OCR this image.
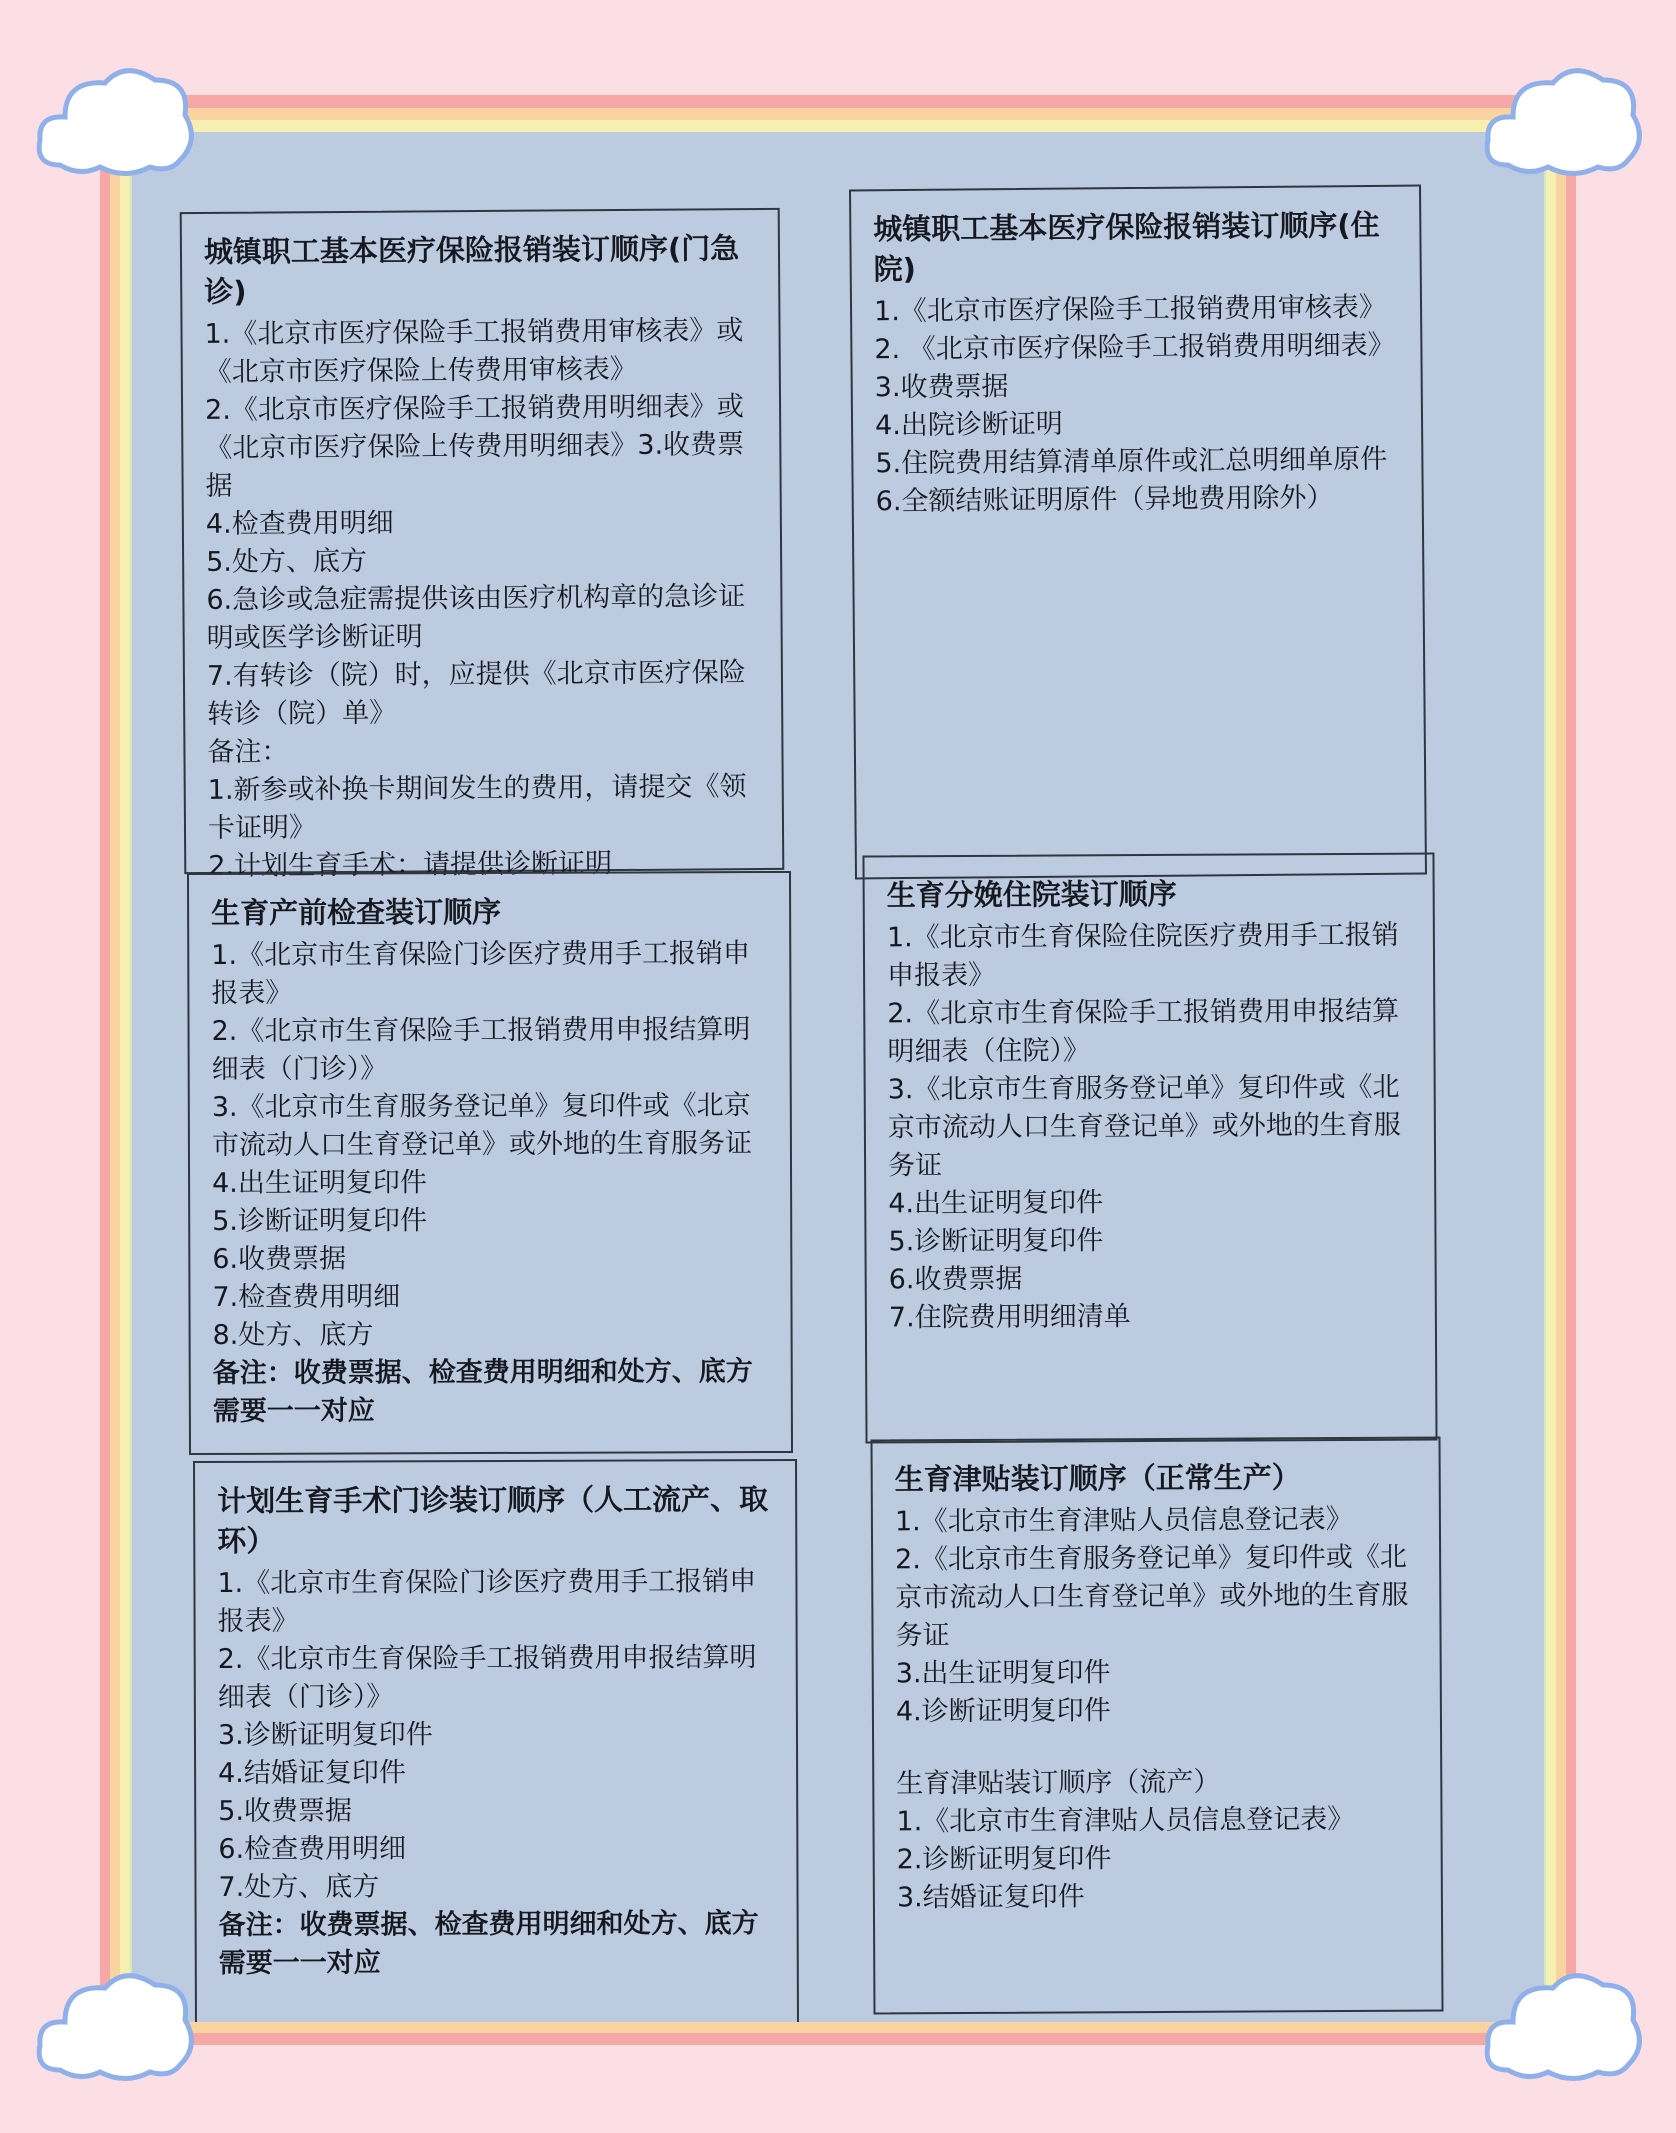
城镇职工基本医疗保险报销装订顺序(门急诊)
1.《北京市医疗保险手工报销费用审核表》或《北京市医疗保险上传费用审核表》
2.《北京市医疗保险手工报销费用明细表》或《北京市医疗保险上传费用明细表》3.收费票据
4.检查费用明细
5.处方、底方
6.急诊或急症需提供该由医疗机构章的急诊证明或医学诊断证明
7.有转诊（院）时，应提供《北京市医疗保险转诊（院）单》
备注：
1.新参或补换卡期间发生的费用，请提交《领卡证明》
2.计划生育手术：请提供诊断证明
城镇职工基本医疗保险报销装订顺序(住院)
1.《北京市医疗保险手工报销费用审核表》
2. 《北京市医疗保险手工报销费用明细表》
3.收费票据
4.出院诊断证明
5.住院费用结算清单原件或汇总明细单原件
6.全额结账证明原件（异地费用除外）
生育产前检查装订顺序
1.《北京市生育保险门诊医疗费用手工报销申报表》
2.《北京市生育保险手工报销费用申报结算明细表（门诊）》
3.《北京市生育服务登记单》复印件或《北京市流动人口生育登记单》或外地的生育服务证
4.出生证明复印件
5.诊断证明复印件
6.收费票据
7.检查费用明细
8.处方、底方
备注：收费票据、检查费用明细和处方、底方需要一一对应
生育分娩住院装订顺序
1.《北京市生育保险住院医疗费用手工报销申报表》
2.《北京市生育保险手工报销费用申报结算明细表（住院）》
3.《北京市生育服务登记单》复印件或《北京市流动人口生育登记单》或外地的生育服务证
4.出生证明复印件
5.诊断证明复印件
6.收费票据
7.住院费用明细清单
计划生育手术门诊装订顺序（人工流产、取环）
1.《北京市生育保险门诊医疗费用手工报销申报表》
2.《北京市生育保险手工报销费用申报结算明细表（门诊）》
3.诊断证明复印件
4.结婚证复印件
5.收费票据
6.检查费用明细
7.处方、底方
备注：收费票据、检查费用明细和处方、底方需要一一对应
生育津贴装订顺序（正常生产）
1.《北京市生育津贴人员信息登记表》
2.《北京市生育服务登记单》复印件或《北京市流动人口生育登记单》或外地的生育服务证
3.出生证明复印件
4.诊断证明复印件
生育津贴装订顺序（流产）
1.《北京市生育津贴人员信息登记表》
2.诊断证明复印件
3.结婚证复印件
